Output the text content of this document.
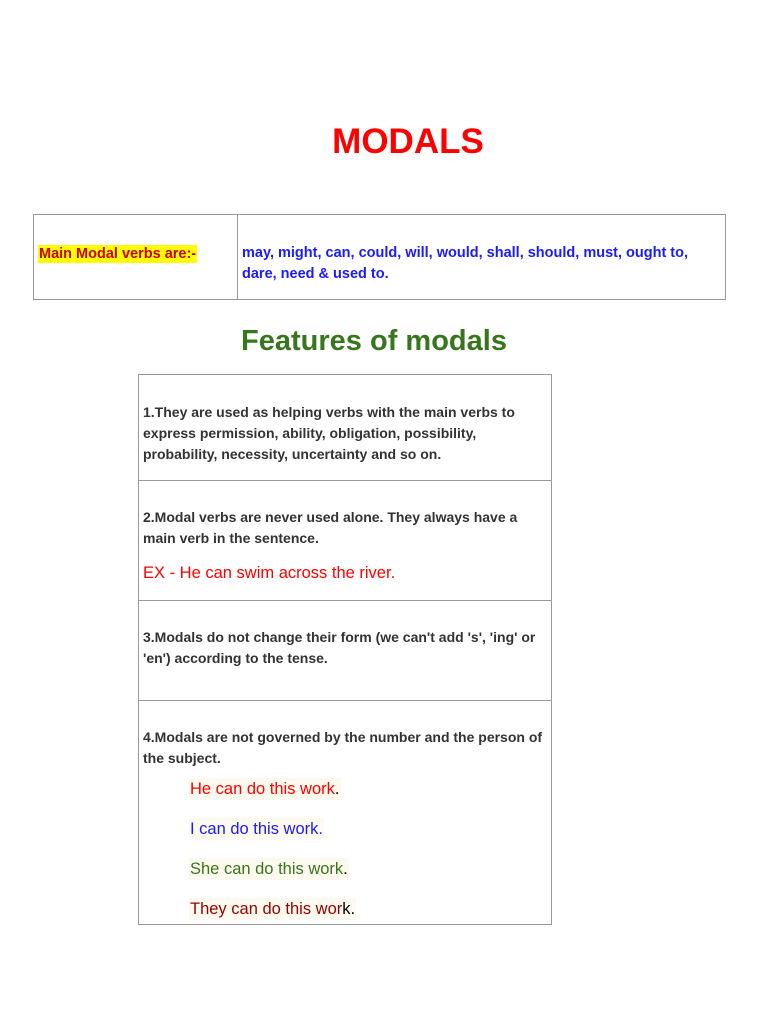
MODALS
Main Modal verbs are:-	may, might, can, could, will, would, shall, should, must, ought to, dare, need & used to.
Features of modals
1.They are used as helping verbs with the main verbs to express permission, ability, obligation, possibility, probability, necessity, uncertainty and so on.
2.Modal verbs are never used alone. They always have a main verb in the sentence.
EX - He can swim across the river.
3.Modals do not change their form (we can't add 's', 'ing' or 'en') according to the tense.
4.Modals are not governed by the number and the person of the subject.
He can do this work.
I can do this work.
She can do this work.
They can do this work.
